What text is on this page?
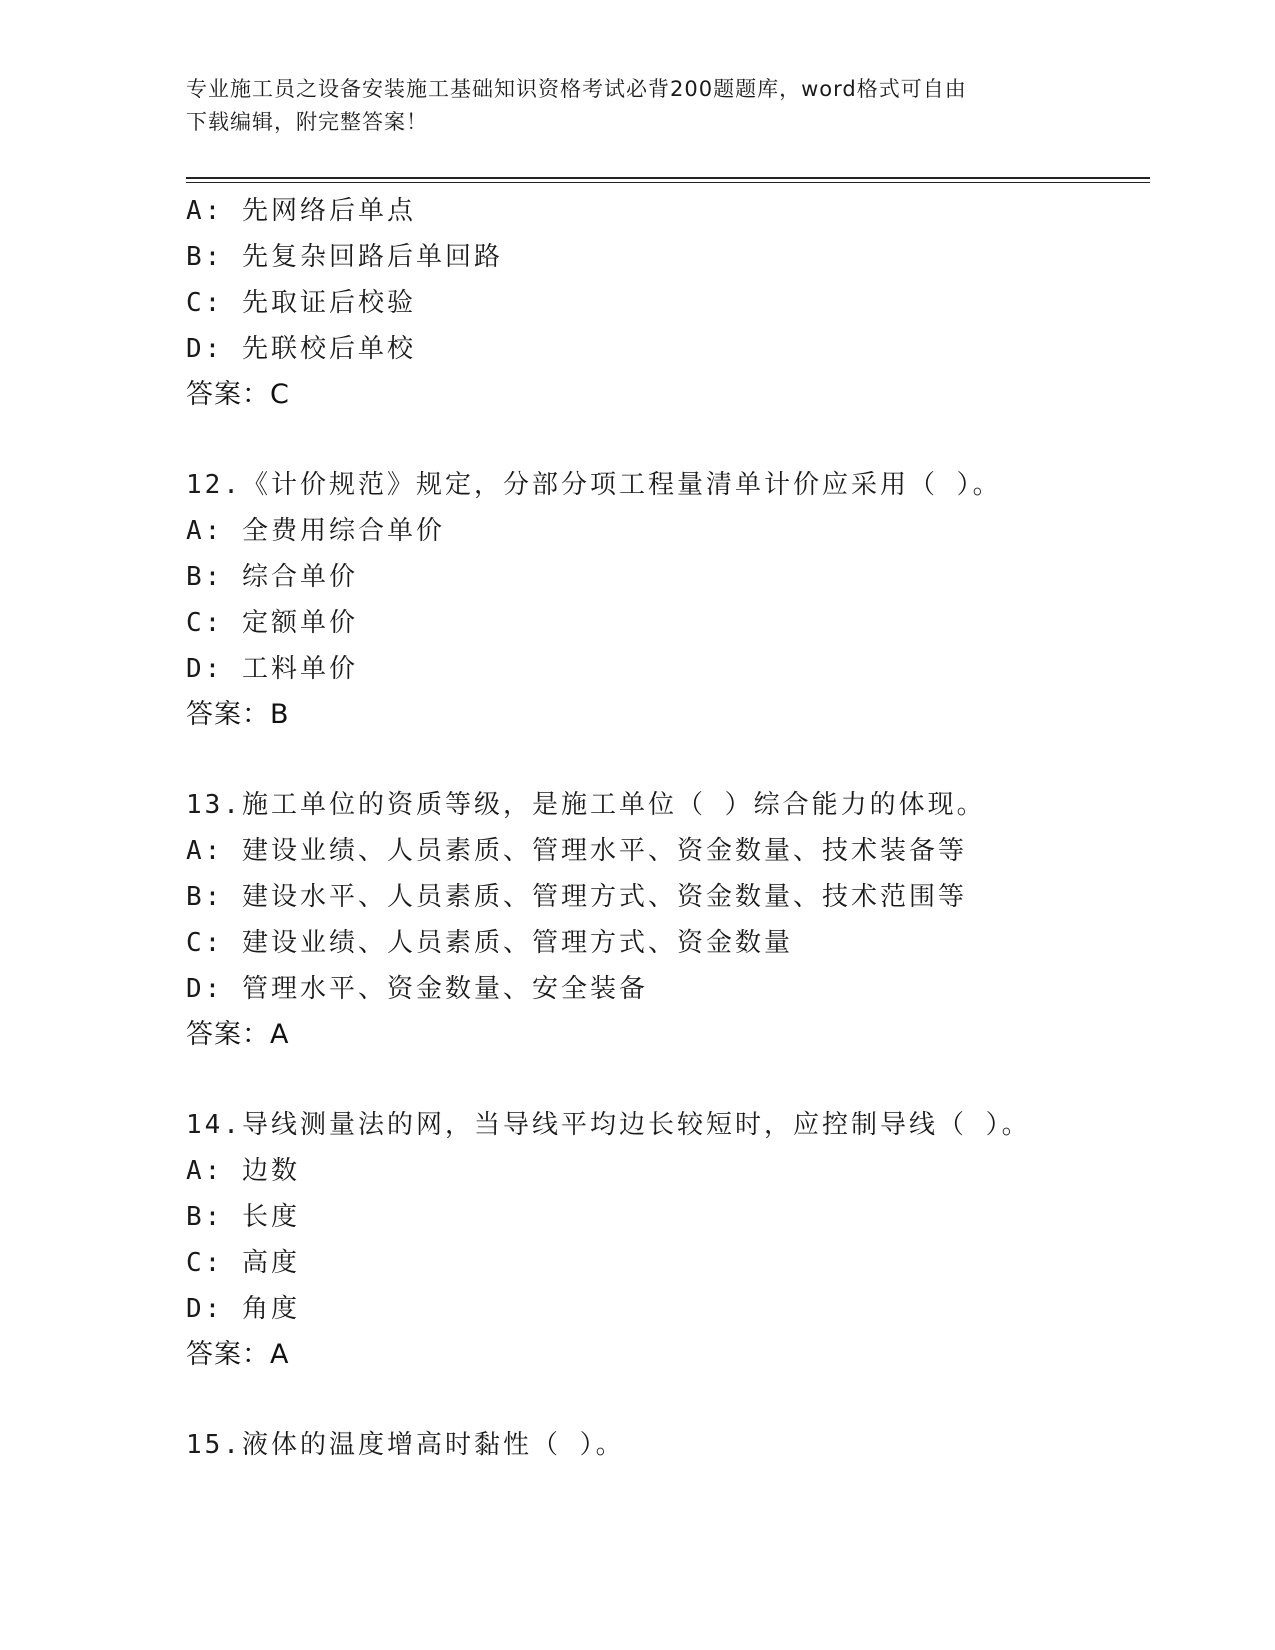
专业施工员之设备安装施工基础知识资格考试必背200题题库，word格式可自由
下载编辑，附完整答案！
A: 先网络后单点
B: 先复杂回路后单回路
C: 先取证后校验
D: 先联校后单校
答案：C
12.《计价规范》规定，分部分项工程量清单计价应采用（ ）。
A: 全费用综合单价
B: 综合单价
C: 定额单价
D: 工料单价
答案：B
13.施工单位的资质等级，是施工单位（ ）综合能力的体现。
A: 建设业绩、人员素质、管理水平、资金数量、技术装备等
B: 建设水平、人员素质、管理方式、资金数量、技术范围等
C: 建设业绩、人员素质、管理方式、资金数量
D: 管理水平、资金数量、安全装备
答案：A
14.导线测量法的网，当导线平均边长较短时，应控制导线（ ）。
A: 边数
B: 长度
C: 高度
D: 角度
答案：A
15.液体的温度增高时黏性（ ）。
